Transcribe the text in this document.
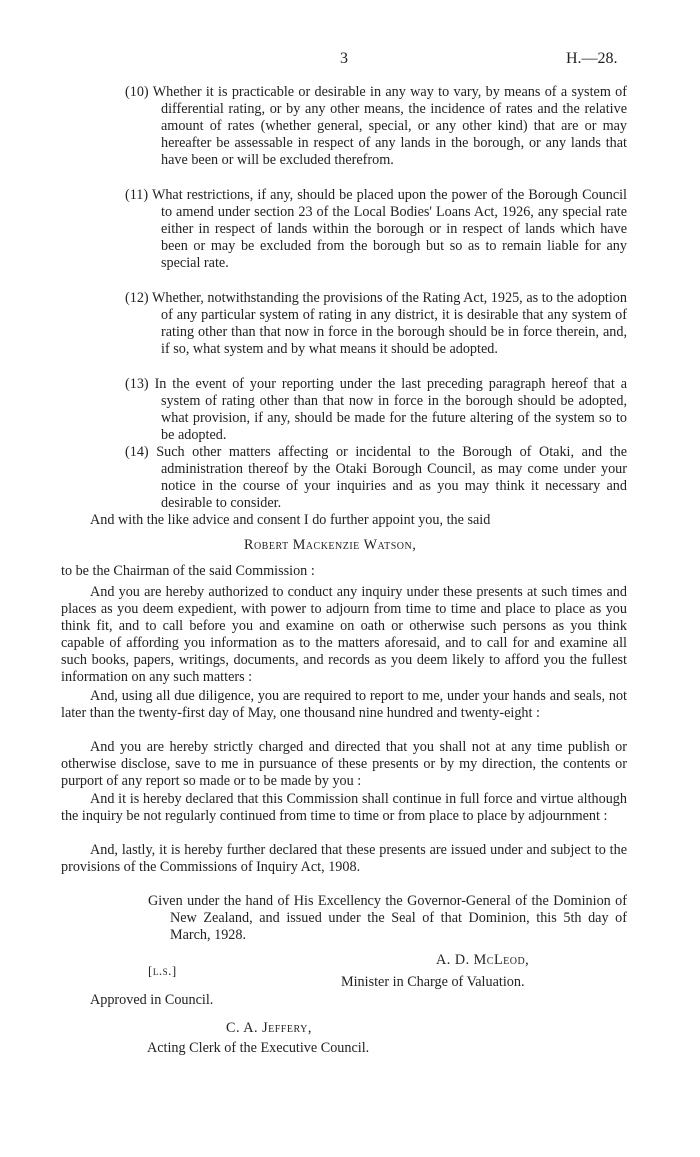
3	H.—28.
(10) Whether it is practicable or desirable in any way to vary, by means of a system of differential rating, or by any other means, the incidence of rates and the relative amount of rates (whether general, special, or any other kind) that are or may hereafter be assessable in respect of any lands in the borough, or any lands that have been or will be excluded therefrom.
(11) What restrictions, if any, should be placed upon the power of the Borough Council to amend under section 23 of the Local Bodies' Loans Act, 1926, any special rate either in respect of lands within the borough or in respect of lands which have been or may be excluded from the borough but so as to remain liable for any special rate.
(12) Whether, notwithstanding the provisions of the Rating Act, 1925, as to the adoption of any particular system of rating in any district, it is desirable that any system of rating other than that now in force in the borough should be in force therein, and, if so, what system and by what means it should be adopted.
(13) In the event of your reporting under the last preceding paragraph hereof that a system of rating other than that now in force in the borough should be adopted, what provision, if any, should be made for the future altering of the system so to be adopted.
(14) Such other matters affecting or incidental to the Borough of Otaki, and the administration thereof by the Otaki Borough Council, as may come under your notice in the course of your inquiries and as you may think it necessary and desirable to consider.
And with the like advice and consent I do further appoint you, the said
Robert Mackenzie Watson,
to be the Chairman of the said Commission :
And you are hereby authorized to conduct any inquiry under these presents at such times and places as you deem expedient, with power to adjourn from time to time and place to place as you think fit, and to call before you and examine on oath or otherwise such persons as you think capable of affording you information as to the matters aforesaid, and to call for and examine all such books, papers, writings, documents, and records as you deem likely to afford you the fullest information on any such matters :
And, using all due diligence, you are required to report to me, under your hands and seals, not later than the twenty-first day of May, one thousand nine hundred and twenty-eight :
And you are hereby strictly charged and directed that you shall not at any time publish or otherwise disclose, save to me in pursuance of these presents or by my direction, the contents or purport of any report so made or to be made by you :
And it is hereby declared that this Commission shall continue in full force and virtue although the inquiry be not regularly continued from time to time or from place to place by adjournment :
And, lastly, it is hereby further declared that these presents are issued under and subject to the provisions of the Commissions of Inquiry Act, 1908.
Given under the hand of His Excellency the Governor-General of the Dominion of New Zealand, and issued under the Seal of that Dominion, this 5th day of March, 1928.
A. D. McLeod,
[l.s.]
Minister in Charge of Valuation.
Approved in Council.
C. A. Jeffery,
Acting Clerk of the Executive Council.
